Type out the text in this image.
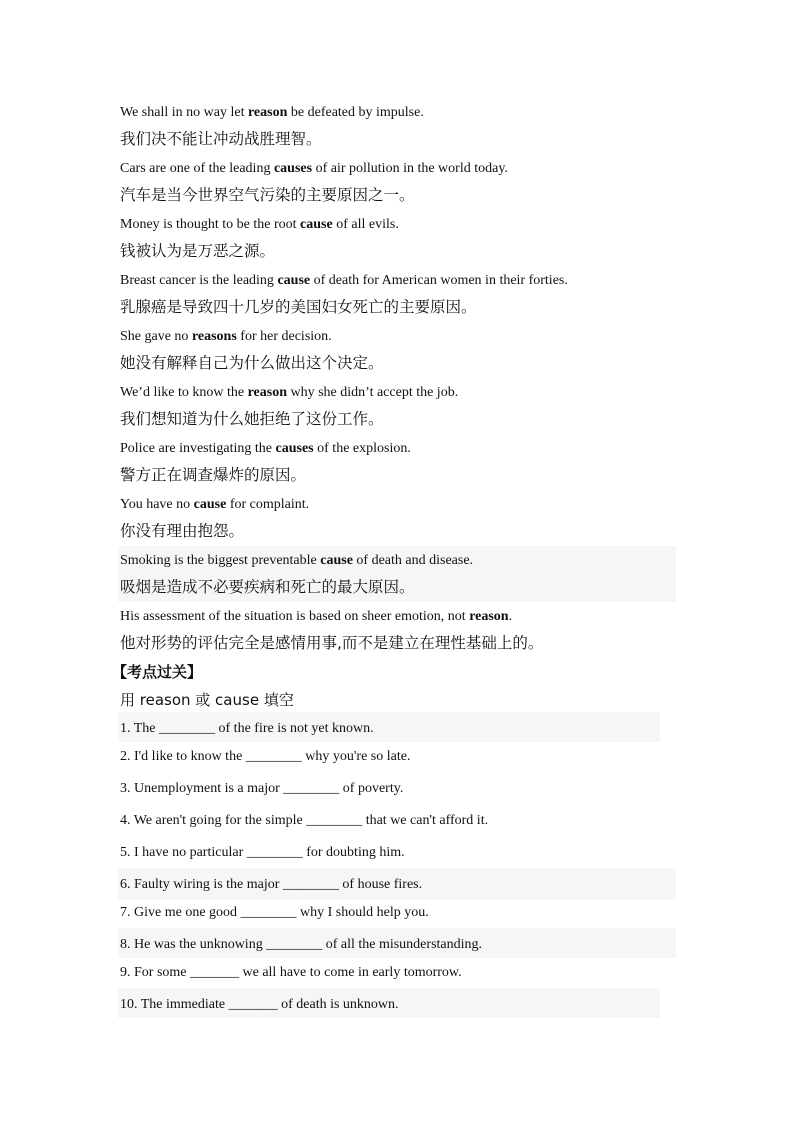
We shall in no way let reason be defeated by impulse.
我们决不能让冲动战胜理智。
Cars are one of the leading causes of air pollution in the world today.
汽车是当今世界空气污染的主要原因之一。
Money is thought to be the root cause of all evils.
钱被认为是万恶之源。
Breast cancer is the leading cause of death for American women in their forties.
乳腺癌是导致四十几岁的美国妇女死亡的主要原因。
She gave no reasons for her decision.
她没有解释自己为什么做出这个决定。
We’d like to know the reason why she didn’t accept the job.
我们想知道为什么她拒绝了这份工作。
Police are investigating the causes of the explosion.
警方正在调查爆炸的原因。
You have no cause for complaint.
你没有理由抱怨。
Smoking is the biggest preventable cause of death and disease.
吸烟是造成不必要疾病和死亡的最大原因。
His assessment of the situation is based on sheer emotion, not reason.
他对形势的评估完全是感情用事,而不是建立在理性基础上的。
【考点过关】
用 reason 或 cause 填空
1. The ________ of the fire is not yet known.
2. I'd like to know the ________ why you're so late.
3. Unemployment is a major ________ of poverty.
4. We aren't going for the simple ________ that we can't afford it.
5. I have no particular ________ for doubting him.
6. Faulty wiring is the major ________ of house fires.
7. Give me one good ________ why I should help you.
8. He was the unknowing ________ of all the misunderstanding.
9. For some _______ we all have to come in early tomorrow.
10. The immediate _______ of death is unknown.
